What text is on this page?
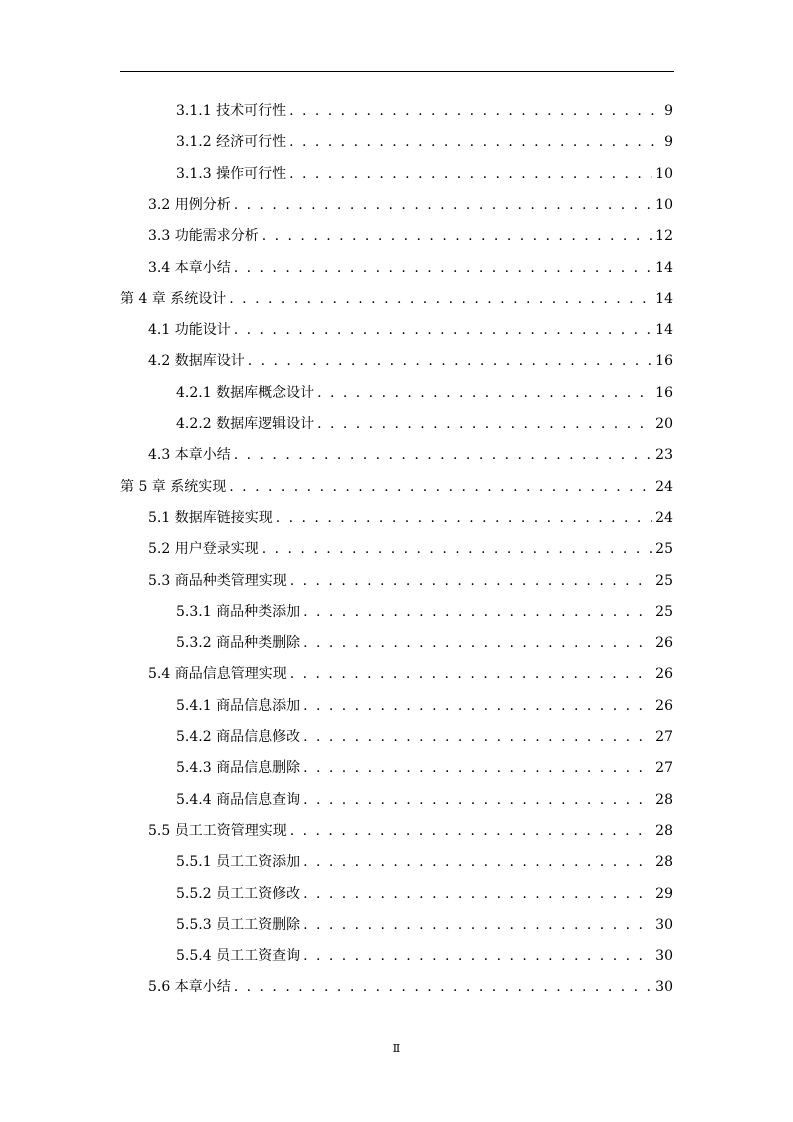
3.1.1 技术可行性 . . .	9
3.1.2 经济可行性 . . .	9
3.1.3 操作可行性 . . .	10
3.2 用例分析 . . .	10
3.3 功能需求分析 . . .	12
3.4 本章小结 . . .	14
第 4 章 系统设计 . . .	14
4.1 功能设计 . . .	14
4.2 数据库设计 . . .	16
4.2.1 数据库概念设计 . . .	16
4.2.2 数据库逻辑设计 . . .	20
4.3 本章小结 . . .	23
第 5 章 系统实现 . . .	24
5.1 数据库链接实现 . . .	24
5.2 用户登录实现 . . .	25
5.3 商品种类管理实现 . . .	25
5.3.1 商品种类添加 . . .	25
5.3.2 商品种类删除 . . .	26
5.4 商品信息管理实现 . . .	26
5.4.1 商品信息添加 . . .	26
5.4.2 商品信息修改 . . .	27
5.4.3 商品信息删除 . . .	27
5.4.4 商品信息查询 . . .	28
5.5 员工工资管理实现 . . .	28
5.5.1 员工工资添加 . . .	28
5.5.2 员工工资修改 . . .	29
5.5.3 员工工资删除 . . .	30
5.5.4 员工工资查询 . . .	30
5.6 本章小结 . . .	30
Ⅱ
